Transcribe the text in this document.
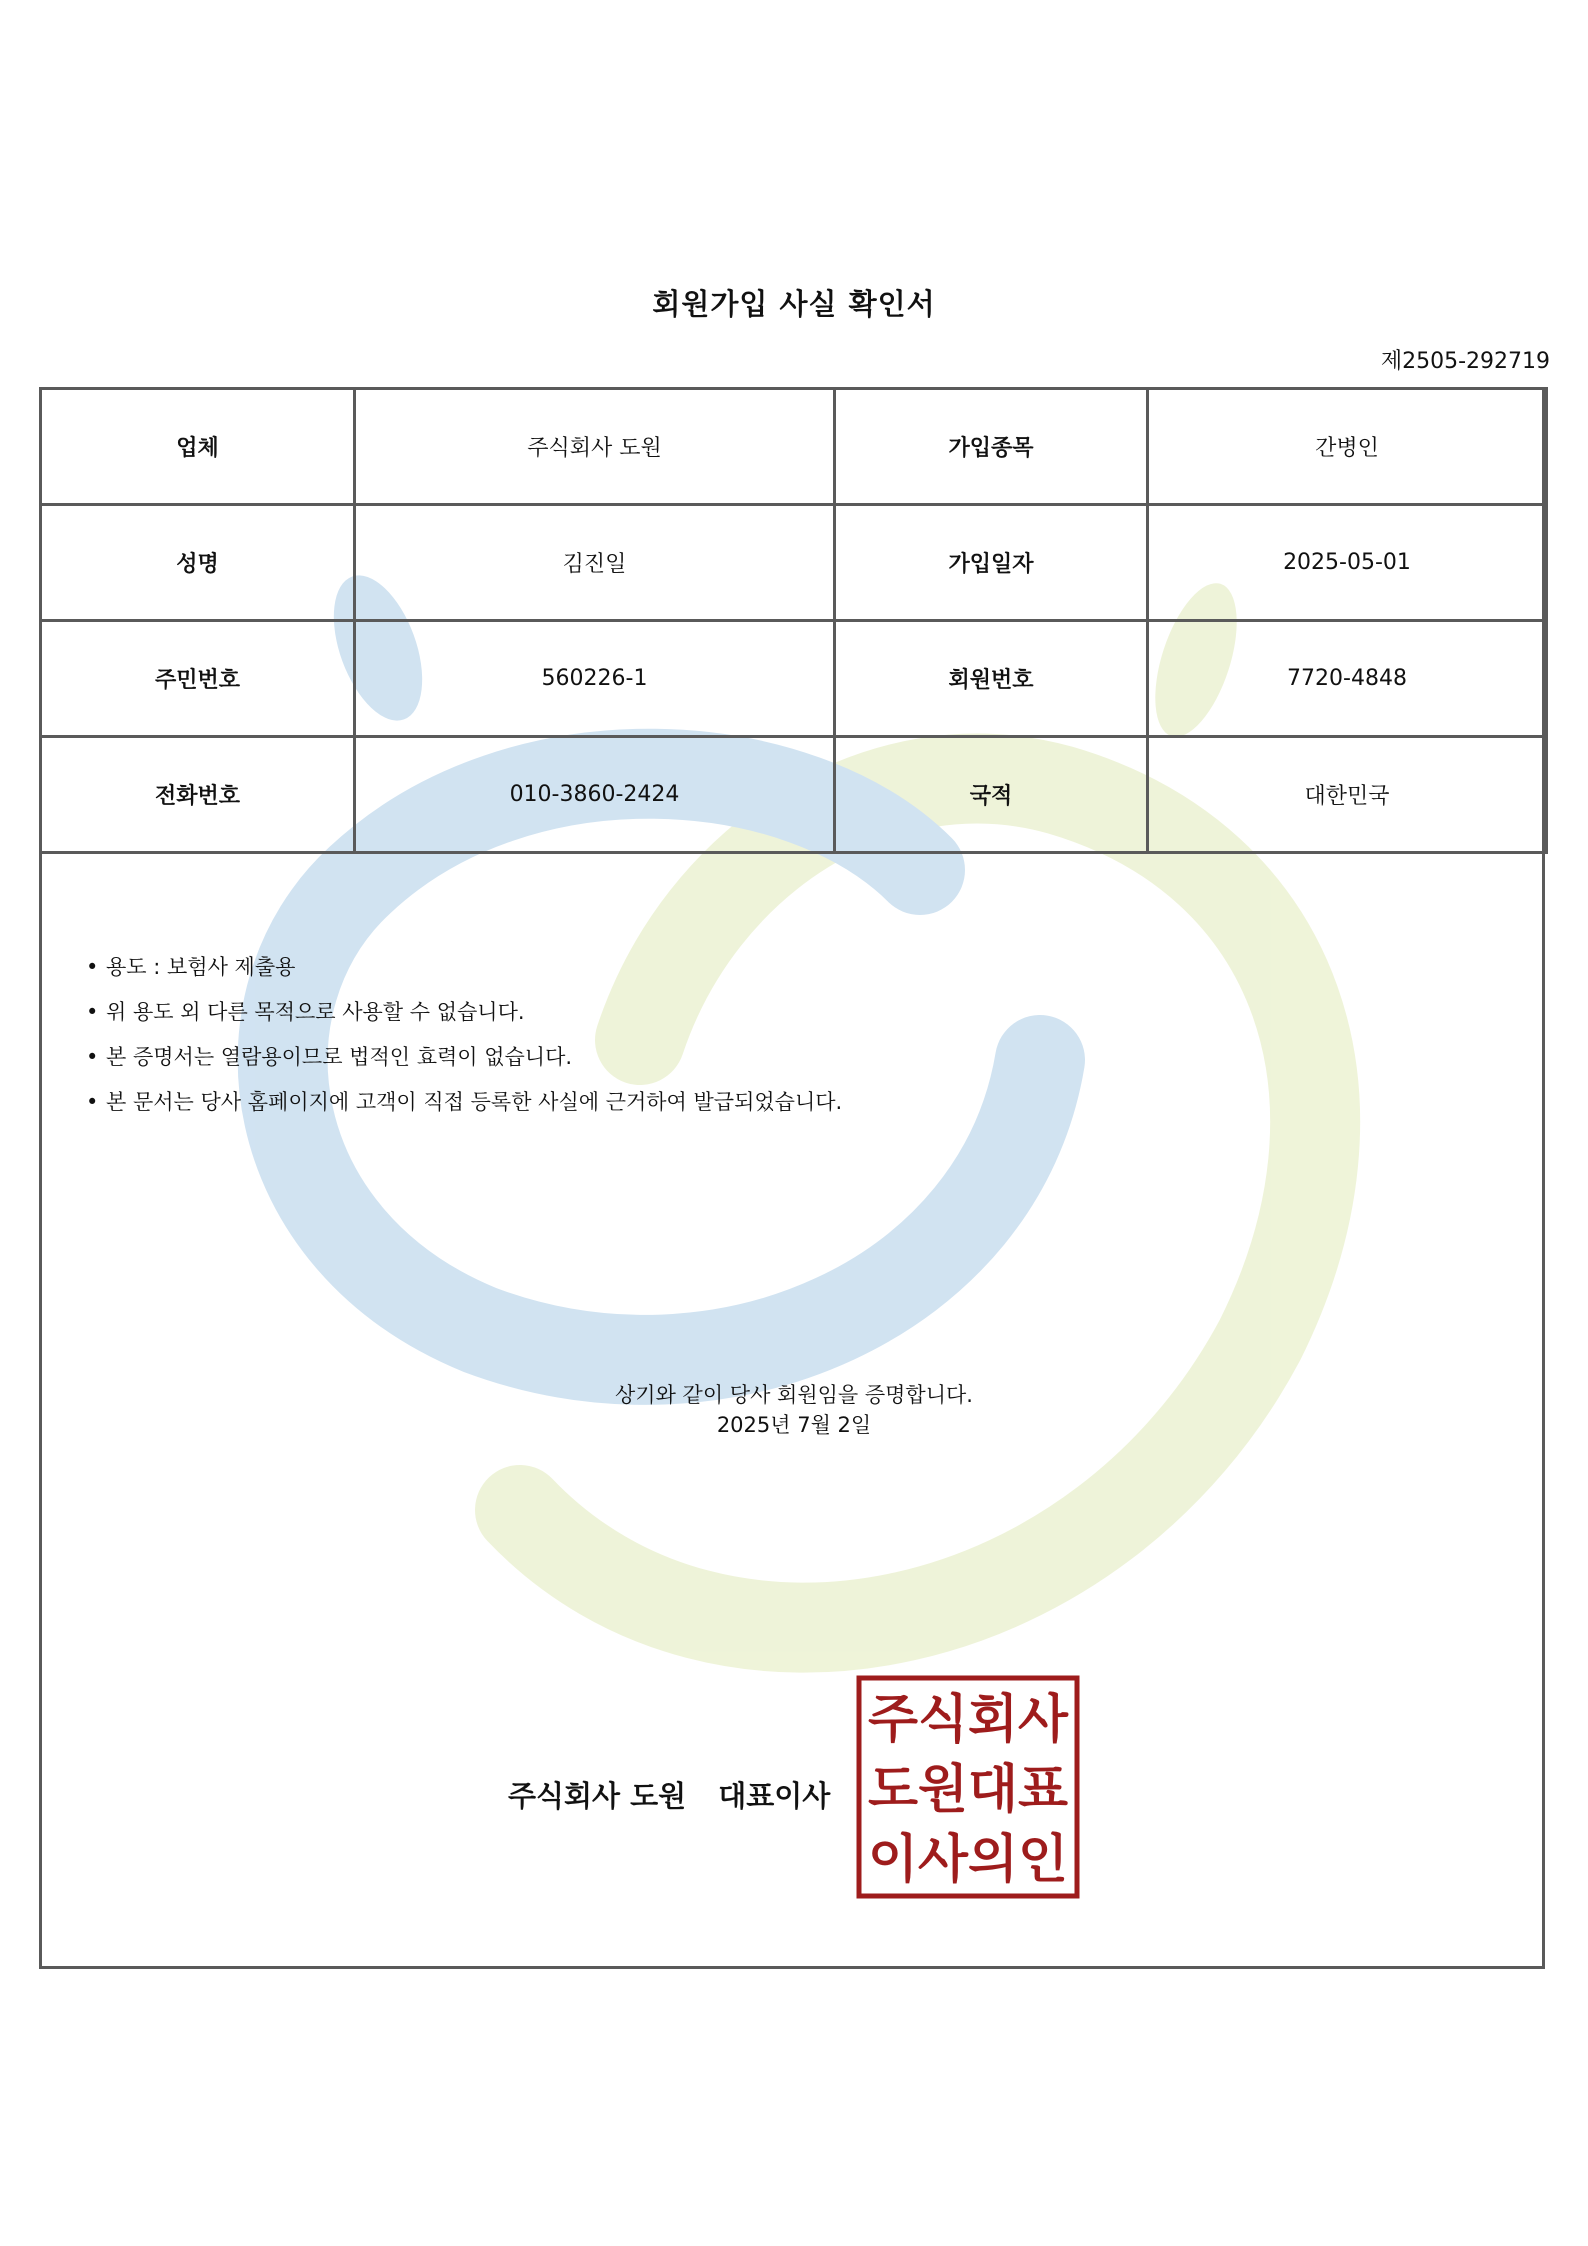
회원가입 사실 확인서
제2505-292719
업체	주식회사 도원	가입종목	간병인
성명	김진일	가입일자	2025-05-01
주민번호	560226-1	회원번호	7720-4848
전화번호	010-3860-2424	국적	대한민국
• 용도 : 보험사 제출용
• 위 용도 외 다른 목적으로 사용할 수 없습니다.
• 본 증명서는 열람용이므로 법적인 효력이 없습니다.
• 본 문서는 당사 홈페이지에 고객이 직접 등록한 사실에 근거하여 발급되었습니다.
상기와 같이 당사 회원임을 증명합니다.
2025년 7월 2일
주식회사 도원 대표이사
주식회사
도원대표
이사의인
